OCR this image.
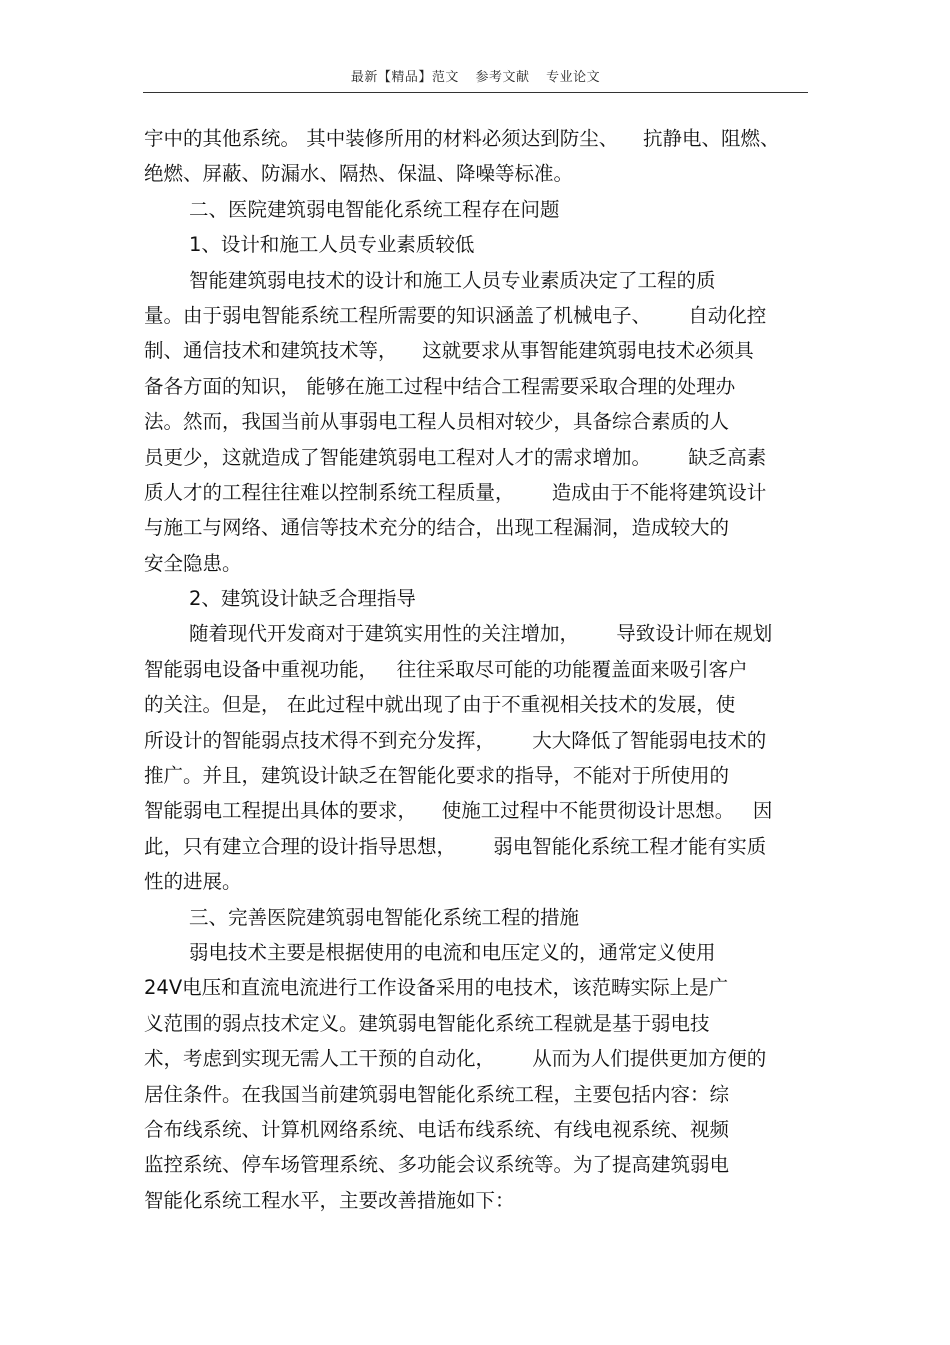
最新【精品】范文 参考文献 专业论文
宇中的其他系统。 其中装修所用的材料必须达到防尘、    抗静电、阻燃、
绝燃、屏蔽、防漏水、隔热、保温、降噪等标准。
二、医院建筑弱电智能化系统工程存在问题
1、设计和施工人员专业素质较低
智能建筑弱电技术的设计和施工人员专业素质决定了工程的质
量。由于弱电智能系统工程所需要的知识涵盖了机械电子、      自动化控
制、通信技术和建筑技术等，    这就要求从事智能建筑弱电技术必须具
备各方面的知识， 能够在施工过程中结合工程需要采取合理的处理办
法。然而，我国当前从事弱电工程人员相对较少，具备综合素质的人
员更少，这就造成了智能建筑弱电工程对人才的需求增加。      缺乏高素
质人才的工程往往难以控制系统工程质量，      造成由于不能将建筑设计
与施工与网络、通信等技术充分的结合，出现工程漏洞，造成较大的
安全隐患。
2、建筑设计缺乏合理指导
随着现代开发商对于建筑实用性的关注增加，      导致设计师在规划
智能弱电设备中重视功能，   往往采取尽可能的功能覆盖面来吸引客户
的关注。但是， 在此过程中就出现了由于不重视相关技术的发展，使
所设计的智能弱点技术得不到充分发挥，      大大降低了智能弱电技术的
推广。并且，建筑设计缺乏在智能化要求的指导，不能对于所使用的
智能弱电工程提出具体的要求，    使施工过程中不能贯彻设计思想。   因
此，只有建立合理的设计指导思想，      弱电智能化系统工程才能有实质
性的进展。
三、完善医院建筑弱电智能化系统工程的措施
弱电技术主要是根据使用的电流和电压定义的，通常定义使用
24V电压和直流电流进行工作设备采用的电技术，该范畴实际上是广
义范围的弱点技术定义。建筑弱电智能化系统工程就是基于弱电技
术，考虑到实现无需人工干预的自动化，      从而为人们提供更加方便的
居住条件。在我国当前建筑弱电智能化系统工程，主要包括内容：综
合布线系统、计算机网络系统、电话布线系统、有线电视系统、视频
监控系统、停车场管理系统、多功能会议系统等。为了提高建筑弱电
智能化系统工程水平，主要改善措施如下：
